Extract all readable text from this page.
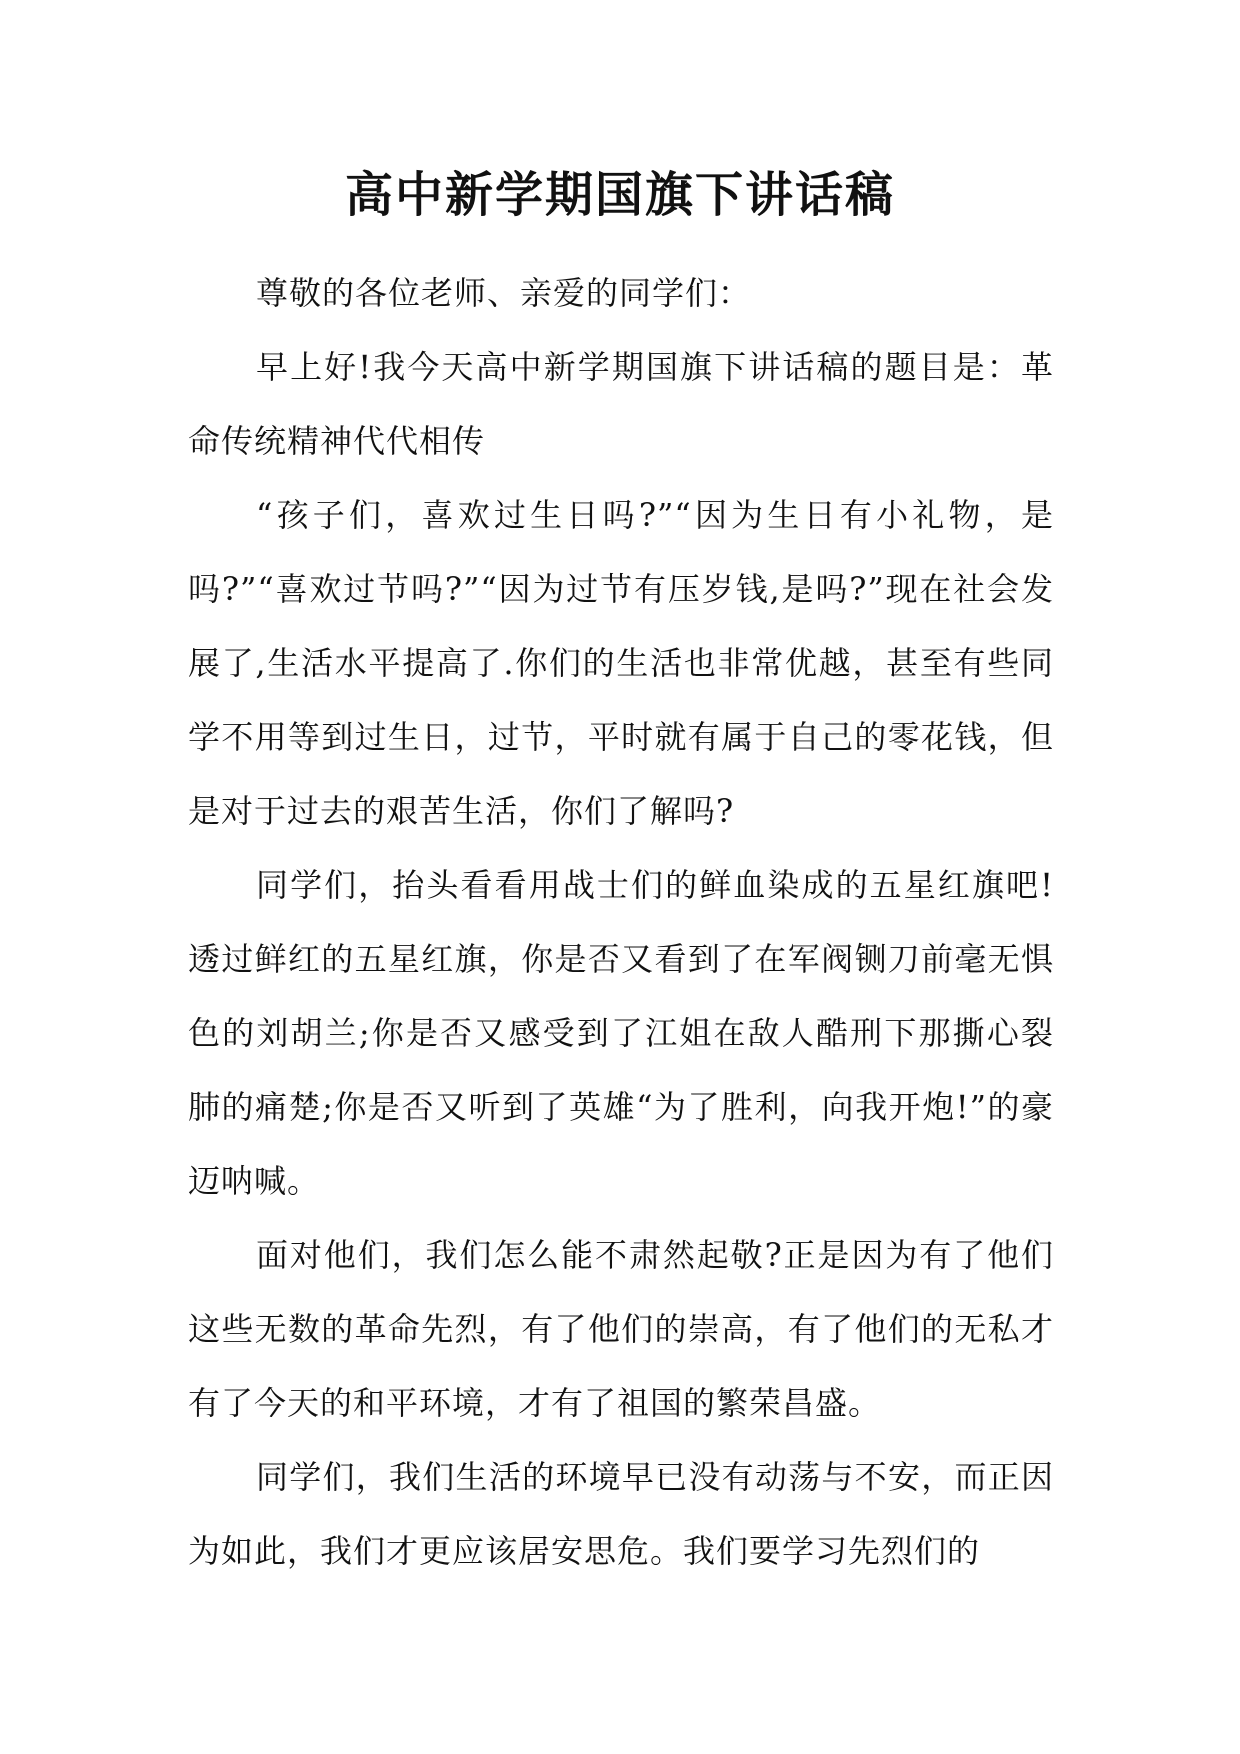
高中新学期国旗下讲话稿

尊敬的各位老师、亲爱的同学们：

早上好!我今天高中新学期国旗下讲话稿的题目是：革命传统精神代代相传

“孩子们，喜欢过生日吗?”“因为生日有小礼物，是吗?”“喜欢过节吗?”“因为过节有压岁钱,是吗?”现在社会发展了,生活水平提高了.你们的生活也非常优越，甚至有些同学不用等到过生日，过节，平时就有属于自己的零花钱，但是对于过去的艰苦生活，你们了解吗?

同学们，抬头看看用战士们的鲜血染成的五星红旗吧!透过鲜红的五星红旗，你是否又看到了在军阀铡刀前毫无惧色的刘胡兰;你是否又感受到了江姐在敌人酷刑下那撕心裂肺的痛楚;你是否又听到了英雄“为了胜利，向我开炮!”的豪迈呐喊。

面对他们，我们怎么能不肃然起敬?正是因为有了他们这些无数的革命先烈，有了他们的崇高，有了他们的无私才有了今天的和平环境，才有了祖国的繁荣昌盛。

同学们，我们生活的环境早已没有动荡与不安，而正因为如此，我们才更应该居安思危。我们要学习先烈们的
